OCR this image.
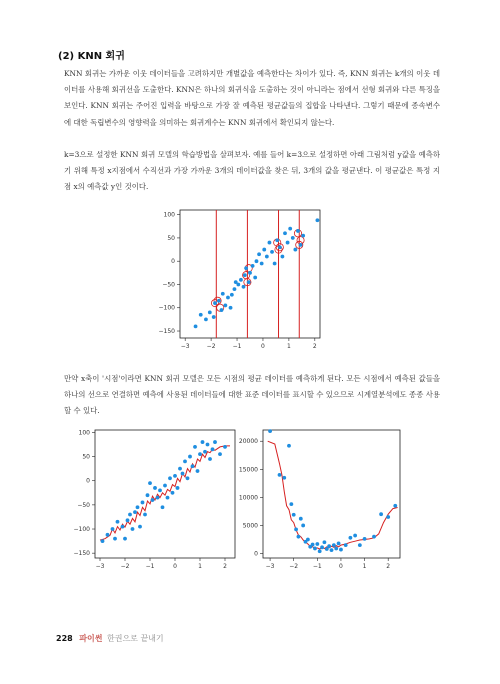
(2) KNN 회귀
KNN 회귀는 가까운 이웃 데이터들을 고려하지만 개별값을 예측한다는 차이가 있다. 즉, KNN 회귀는 k개의 이웃 데이터를 사용해 회귀선을 도출한다. KNN은 하나의 회귀식을 도출하는 것이 아니라는 점에서 선형 회귀와 다른 특징을 보인다. KNN 회귀는 주어진 입력을 바탕으로 가장 잘 예측된 평균값들의 집합을 나타낸다. 그렇기 때문에 종속변수에 대한 독립변수의 영향력을 의미하는 회귀계수는 KNN 회귀에서 확인되지 않는다.
k=3으로 설정한 KNN 회귀 모델의 학습방법을 살펴보자. 예를 들어 k=3으로 설정하면 아래 그림처럼 y값을 예측하기 위해 특정 x지점에서 수직선과 가장 가까운 3개의 데이터값을 찾은 뒤, 3개의 값을 평균낸다. 이 평균값은 특정 지점 x의 예측값 y인 것이다.
−3	−2	−1	0	1	2
100
50
0
−50
−100
−150
만약 x축이 '시점'이라면 KNN 회귀 모델은 모든 시점의 평균 데이터를 예측하게 된다. 모든 시점에서 예측된 값들을 하나의 선으로 연결하면 예측에 사용된 데이터들에 대한 표준 데이터를 표시할 수 있으므로 시계열분석에도 종종 사용할 수 있다.
−3	−2	−1	0	1	2
100
50
0
−50
−100
−150
−3 −2 −1	0	1	2
20000
15000
10000
5000
0
228 파이썬 한권으로 끝내기
